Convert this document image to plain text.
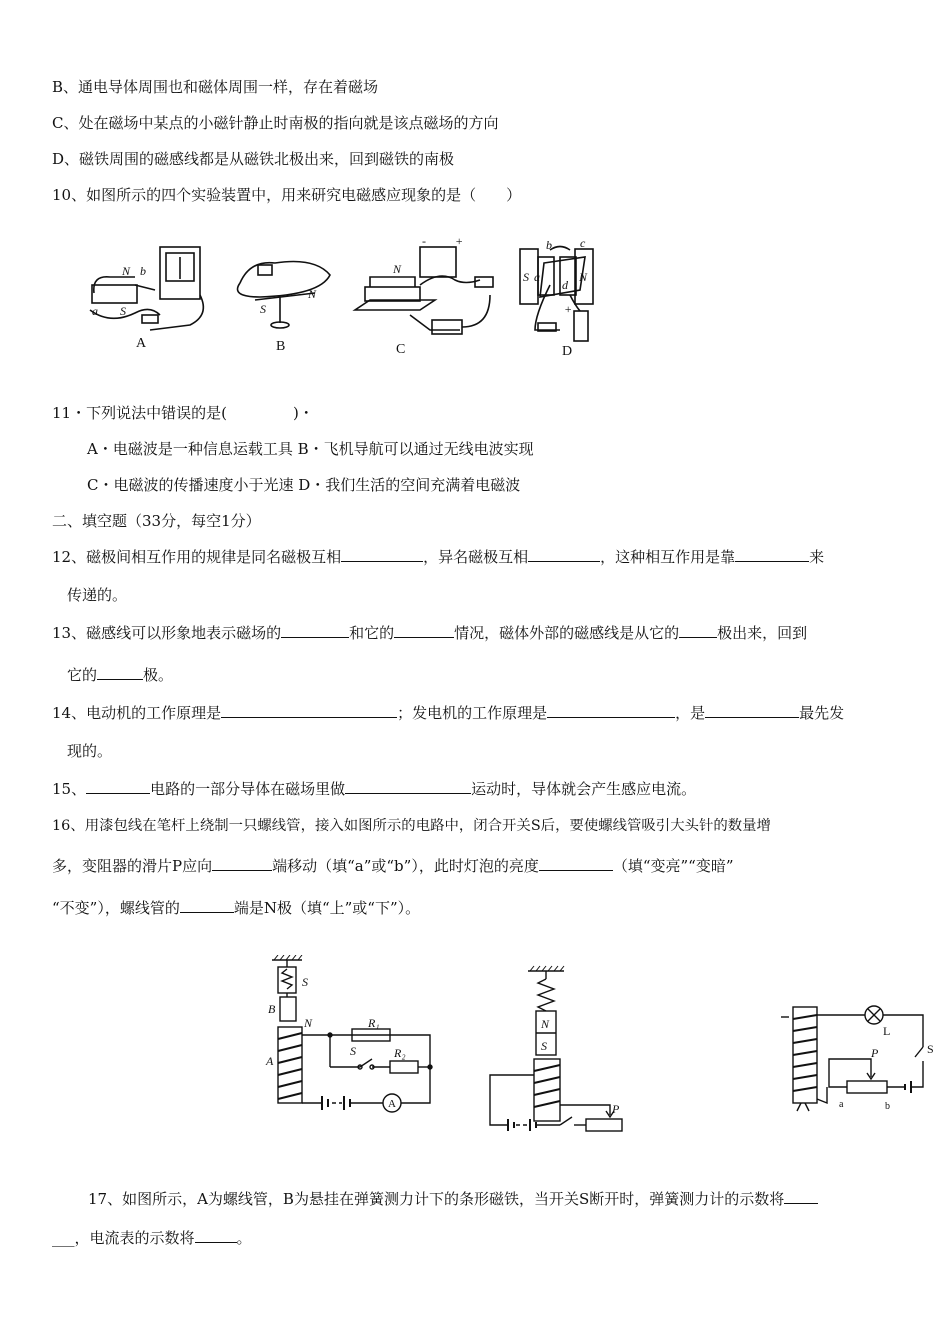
B、通电导体周围也和磁体周围一样，存在着磁场
C、处在磁场中某点的小磁针静止时南极的指向就是该点磁场的方向
D、磁铁周围的磁感线都是从磁铁北极出来，回到磁铁的南极
10、如图所示的四个实验装置中，用来研究电磁感应现象的是（　　）
N b
S
a	S
N
N
- +
S	N
b c
d
a
+
A	B	C	D
11・下列说法中错误的是(	)・
A・电磁波是一种信息运载工具 B・飞机导航可以通过无线电波实现
C・电磁波的传播速度小于光速 D・我们生活的空间充满着电磁波
二、填空题（33分，每空1分）
12、磁极间相互作用的规律是同名磁极互相	，异名磁极互相	，这种相互作用是靠	来
传递的。
13、磁感线可以形象地表示磁场的	和它的	情况，磁体外部的磁感线是从它的	极出来，回到
它的	极。
14、电动机的工作原理是	；发电机的工作原理是	，是	最先发
现的。
15、	电路的一部分导体在磁场里做	运动时，导体就会产生感应电流。
16、用漆包线在笔杆上绕制一只螺线管，接入如图所示的电路中，闭合开关S后，要使螺线管吸引大头针的数量增
多，变阻器的滑片P应向	端移动（填“a”或“b”），此时灯泡的亮度	（填“变亮”“变暗”
“不变”），螺线管的	端是N极（填“上”或“下”）。
S
B
N
A
R₁
S	R₂
A
N
S
P
L
S
P
a	b
17、如图所示，A为螺线管，B为悬挂在弹簧测力计下的条形磁铁，当开关S断开时，弹簧测力计的示数将
___，电流表的示数将	。
